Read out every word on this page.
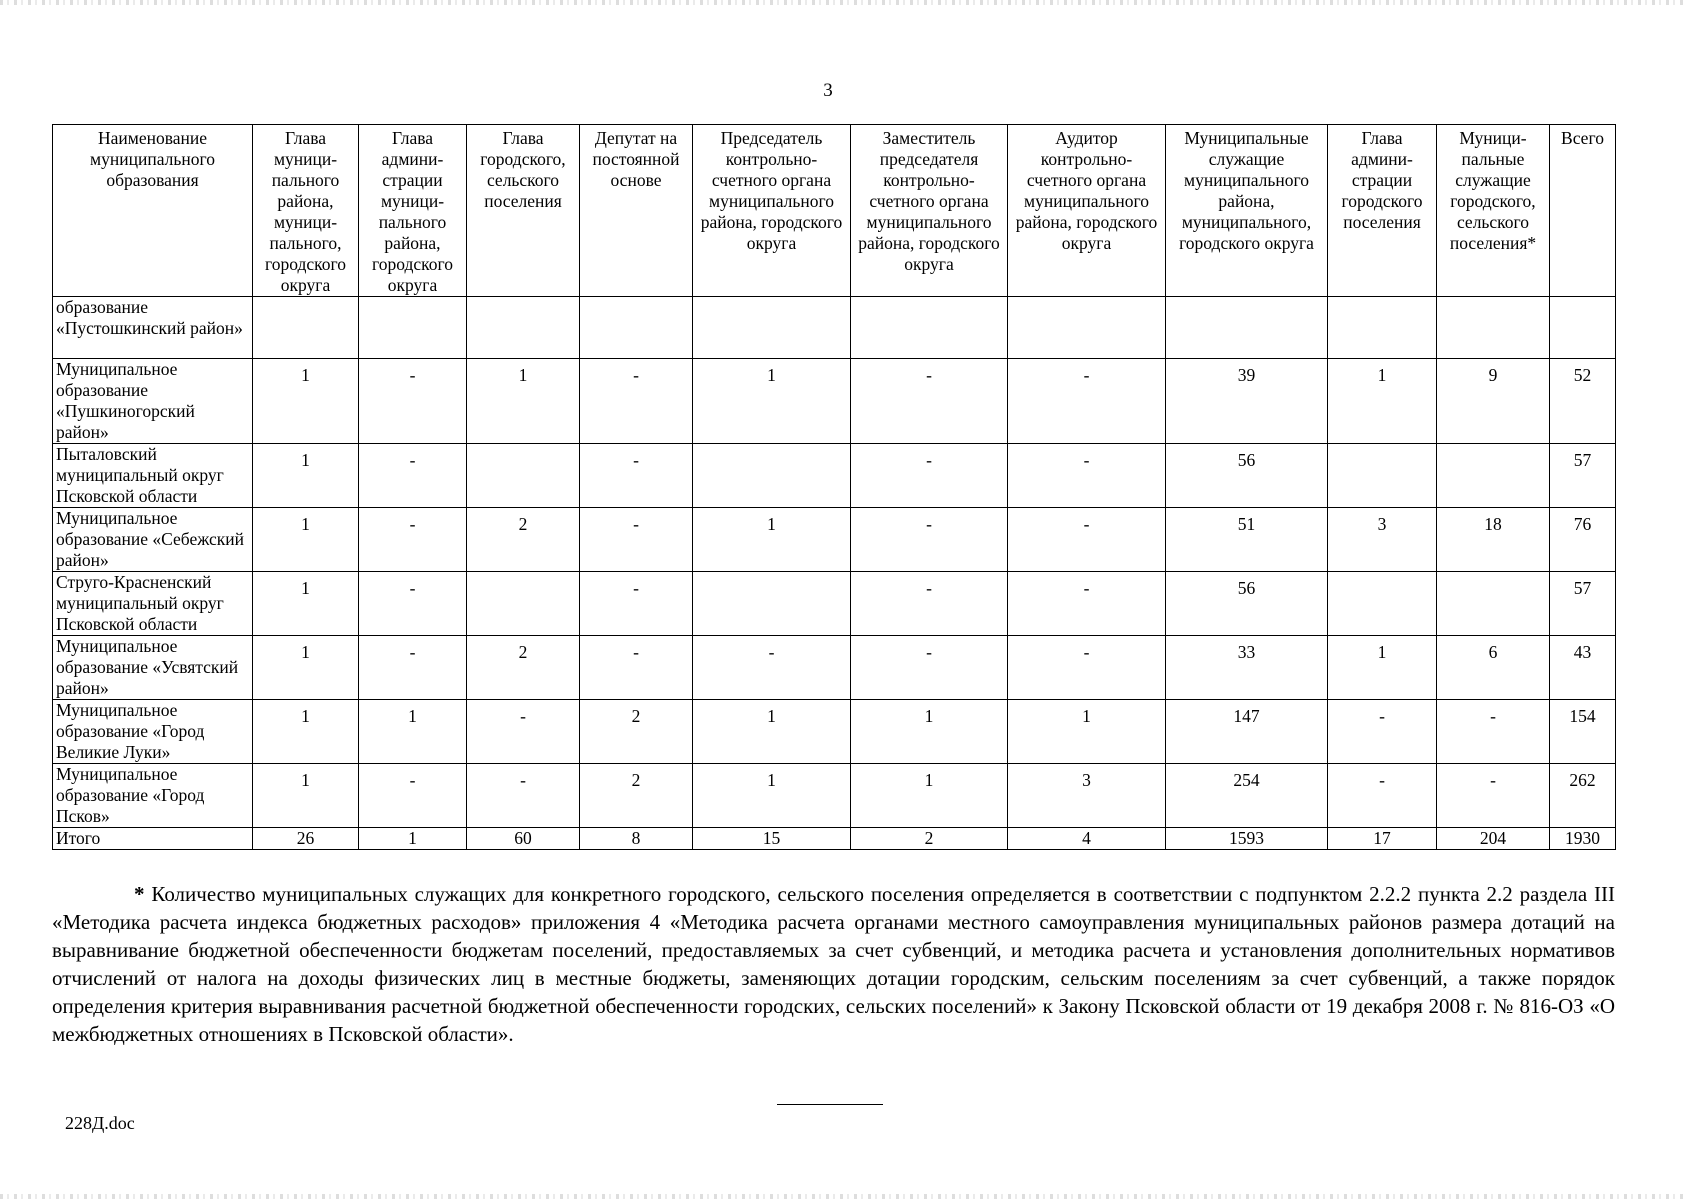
3
Наименование муниципального образования	Глава муници-пального района, муници-пального, городского округа	Глава админи-страции муници-пального района, городского округа	Глава городского, сельского поселения	Депутат на постоянной основе	Председатель контрольно-счетного органа муниципального района, городского округа	Заместитель председателя контрольно-счетного органа муниципального района, городского округа	Аудитор контрольно-счетного органа муниципального района, городского округа	Муниципальные служащие муниципального района, муниципального, городского округа	Глава админи-страции городского поселения	Муници-пальные служащие городского, сельского поселения*	Всего
образование «Пустошкинский район»											
Муниципальное образование «Пушкиногорский район»	1	-	1	-	1	-	-	39	1	9	52
Пыталовский муниципальный округ Псковской области	1	-		-		-	-	56			57
Муниципальное образование «Себежский район»	1	-	2	-	1	-	-	51	3	18	76
Струго-Красненский муниципальный округ Псковской области	1	-		-		-	-	56			57
Муниципальное образование «Усвятский район»	1	-	2	-	-	-	-	33	1	6	43
Муниципальное образование «Город Великие Луки»	1	1	-	2	1	1	1	147	-	-	154
Муниципальное образование «Город Псков»	1	-	-	2	1	1	3	254	-	-	262
Итого	26	1	60	8	15	2	4	1593	17	204	1930
* Количество муниципальных служащих для конкретного городского, сельского поселения определяется в соответствии с подпунктом 2.2.2 пункта 2.2 раздела III «Методика расчета индекса бюджетных расходов» приложения 4 «Методика расчета органами местного самоуправления муниципальных районов размера дотаций на выравнивание бюджетной обеспеченности бюджетам поселений, предоставляемых за счет субвенций, и методика расчета и установления дополнительных нормативов отчислений от налога на доходы физических лиц в местные бюджеты, заменяющих дотации городским, сельским поселениям за счет субвенций, а также порядок определения критерия выравнивания расчетной бюджетной обеспеченности городских, сельских поселений» к Закону Псковской области от 19 декабря 2008 г. № 816-ОЗ «О межбюджетных отношениях в Псковской области».
228Д.doc
